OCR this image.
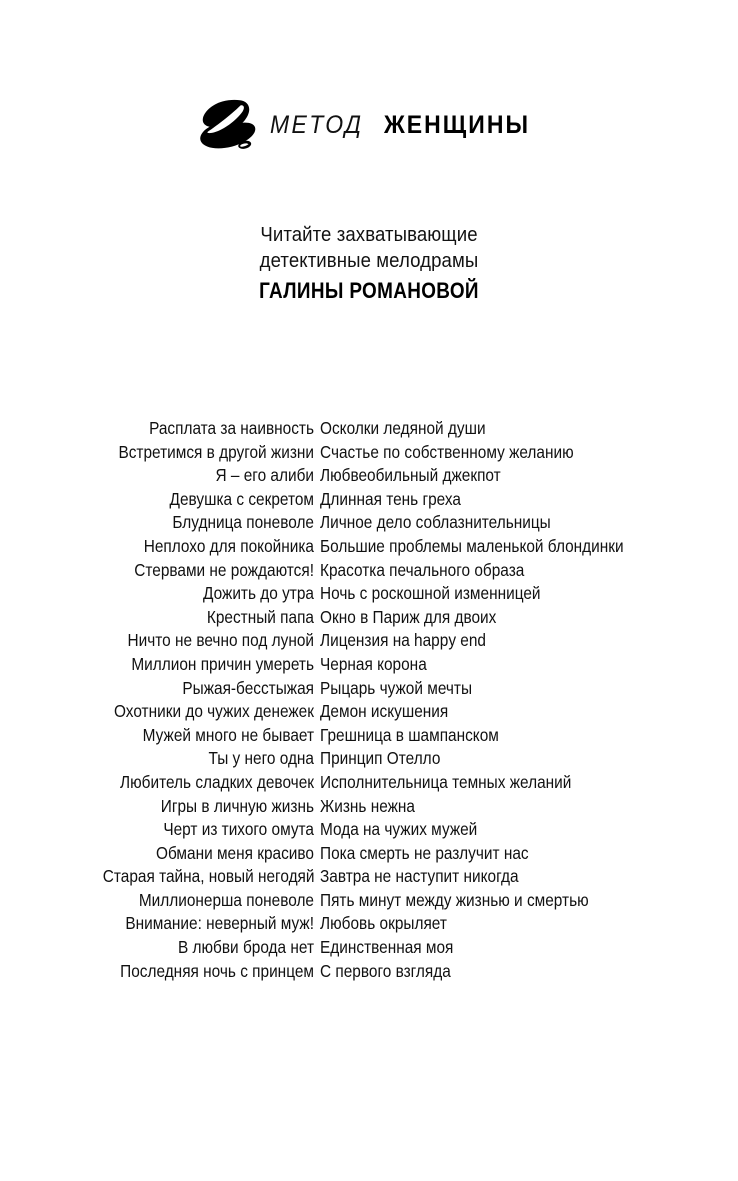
МЕТОД ЖЕНЩИНЫ
Читайте захватывающие
детективные мелодрамы
ГАЛИНЫ РОМАНОВОЙ
Расплата за наивность
Встретимся в другой жизни
Я – его алиби
Девушка с секретом
Блудница поневоле
Неплохо для покойника
Стервами не рождаются!
Дожить до утра
Крестный папа
Ничто не вечно под луной
Миллион причин умереть
Рыжая-бесстыжая
Охотники до чужих денежек
Мужей много не бывает
Ты у него одна
Любитель сладких девочек
Игры в личную жизнь
Черт из тихого омута
Обмани меня красиво
Старая тайна, новый негодяй
Миллионерша поневоле
Внимание: неверный муж!
В любви брода нет
Последняя ночь с принцем
Осколки ледяной души
Счастье по собственному желанию
Любвеобильный джекпот
Длинная тень греха
Личное дело соблазнительницы
Большие проблемы маленькой блондинки
Красотка печального образа
Ночь с роскошной изменницей
Окно в Париж для двоих
Лицензия на happy end
Черная корона
Рыцарь чужой мечты
Демон искушения
Грешница в шампанском
Принцип Отелло
Исполнительница темных желаний
Жизнь нежна
Мода на чужих мужей
Пока смерть не разлучит нас
Завтра не наступит никогда
Пять минут между жизнью и смертью
Любовь окрыляет
Единственная моя
С первого взгляда
